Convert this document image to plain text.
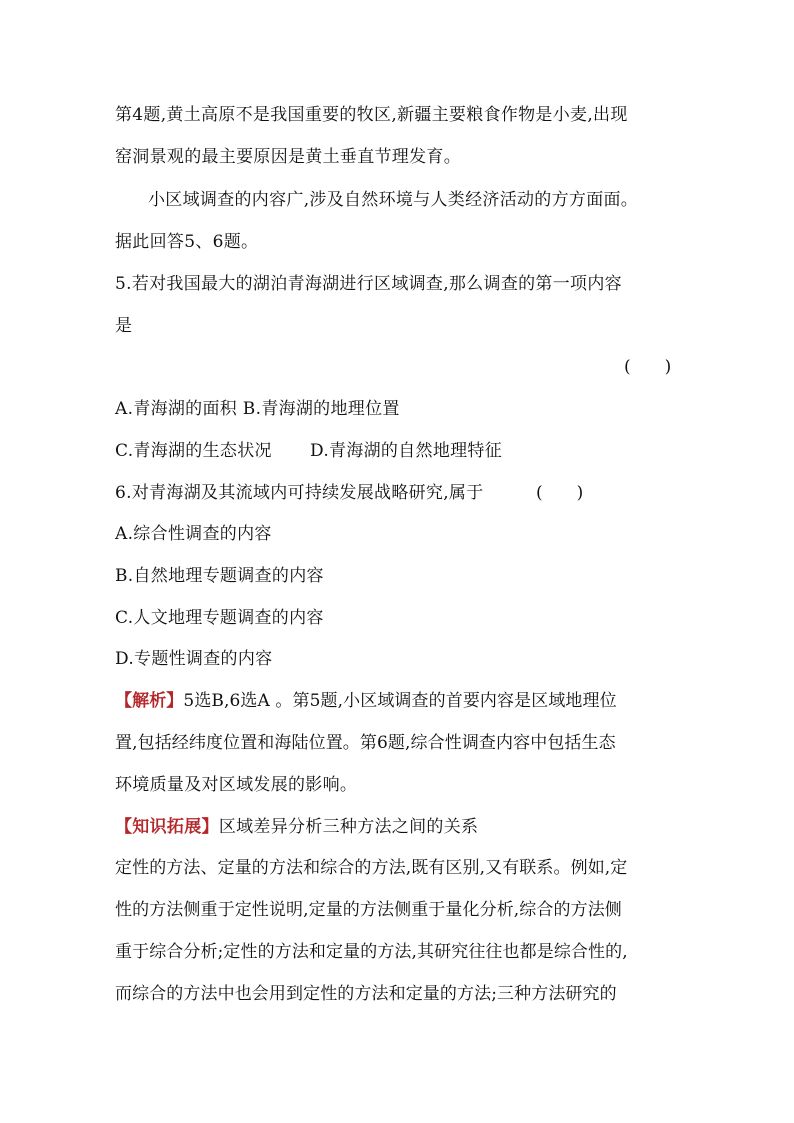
第4题,黄土高原不是我国重要的牧区,新疆主要粮食作物是小麦,出现
窑洞景观的最主要原因是黄土垂直节理发育。
小区域调查的内容广,涉及自然环境与人类经济活动的方方面面。
据此回答5、6题。
5.若对我国最大的湖泊青海湖进行区域调查,那么调查的第一项内容
是
(　　)
A.青海湖的面积 B.青海湖的地理位置
C.青海湖的生态状况 D.青海湖的自然地理特征
6.对青海湖及其流域内可持续发展战略研究,属于	(　　)
A.综合性调查的内容
B.自然地理专题调查的内容
C.人文地理专题调查的内容
D.专题性调查的内容
【解析】5选B,6选A 。第5题,小区域调查的首要内容是区域地理位
置,包括经纬度位置和海陆位置。第6题,综合性调查内容中包括生态
环境质量及对区域发展的影响。
【知识拓展】区域差异分析三种方法之间的关系
定性的方法、定量的方法和综合的方法,既有区别,又有联系。例如,定
性的方法侧重于定性说明,定量的方法侧重于量化分析,综合的方法侧
重于综合分析;定性的方法和定量的方法,其研究往往也都是综合性的,
而综合的方法中也会用到定性的方法和定量的方法;三种方法研究的
